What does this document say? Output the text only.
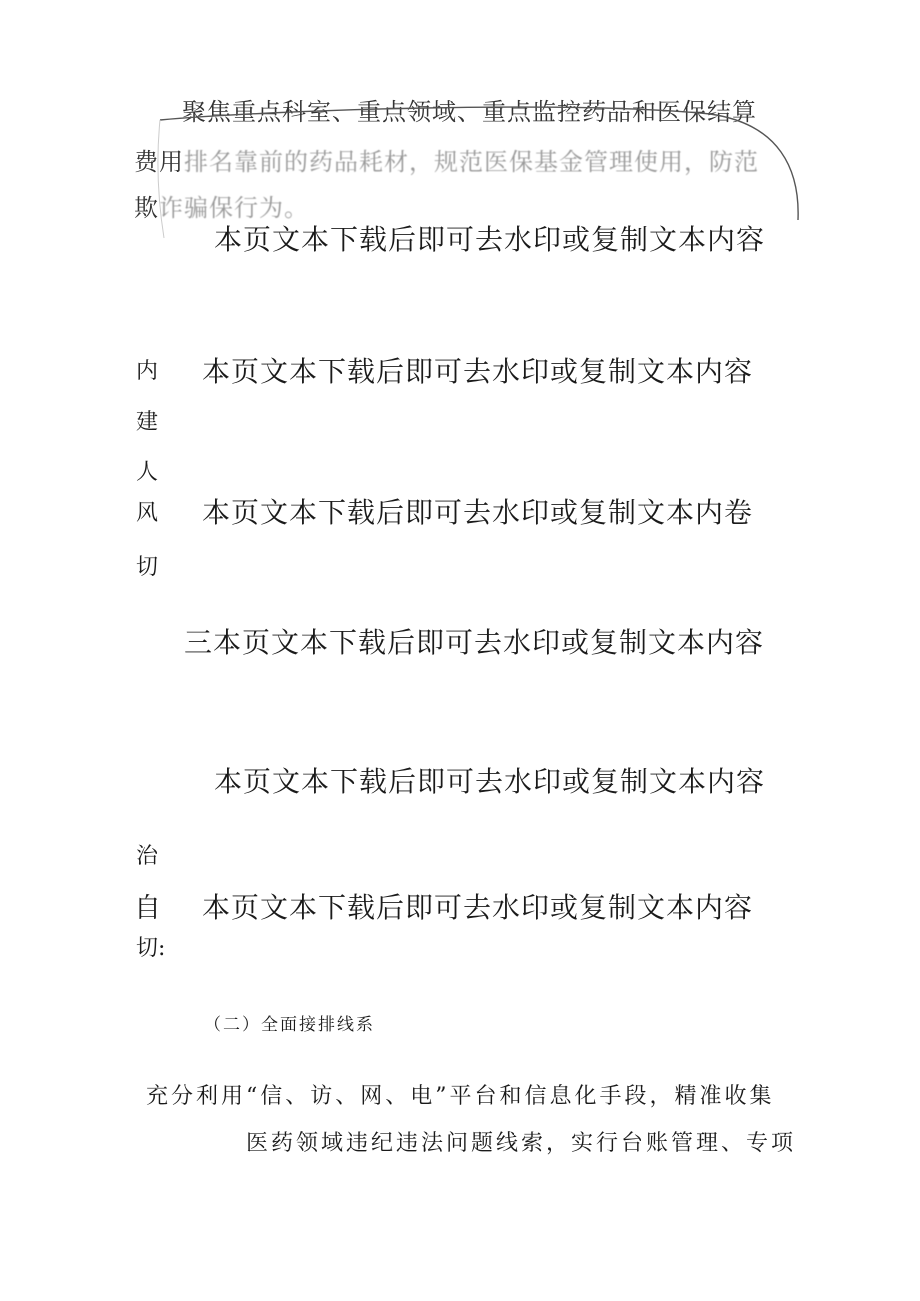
聚焦重点科室、重点领域、重点监控药品和医保结算
费用排名靠前的药品耗材，规范医保基金管理使用，防范
欺诈骗保行为。
本页文本下载后即可去水印或复制文本内容
内 本页文本下载后即可去水印或复制文本内容
建
人
风 本页文本下载后即可去水印或复制文本内卷
切
三本页文本下载后即可去水印或复制文本内容
本页文本下载后即可去水印或复制文本内容
治
自 本页文本下载后即可去水印或复制文本内容
切:
（二）全面接排线系
充分利用“信、访、网、电”平台和信息化手段，精准收集
医药领域违纪违法问题线索，实行台账管理、专项
